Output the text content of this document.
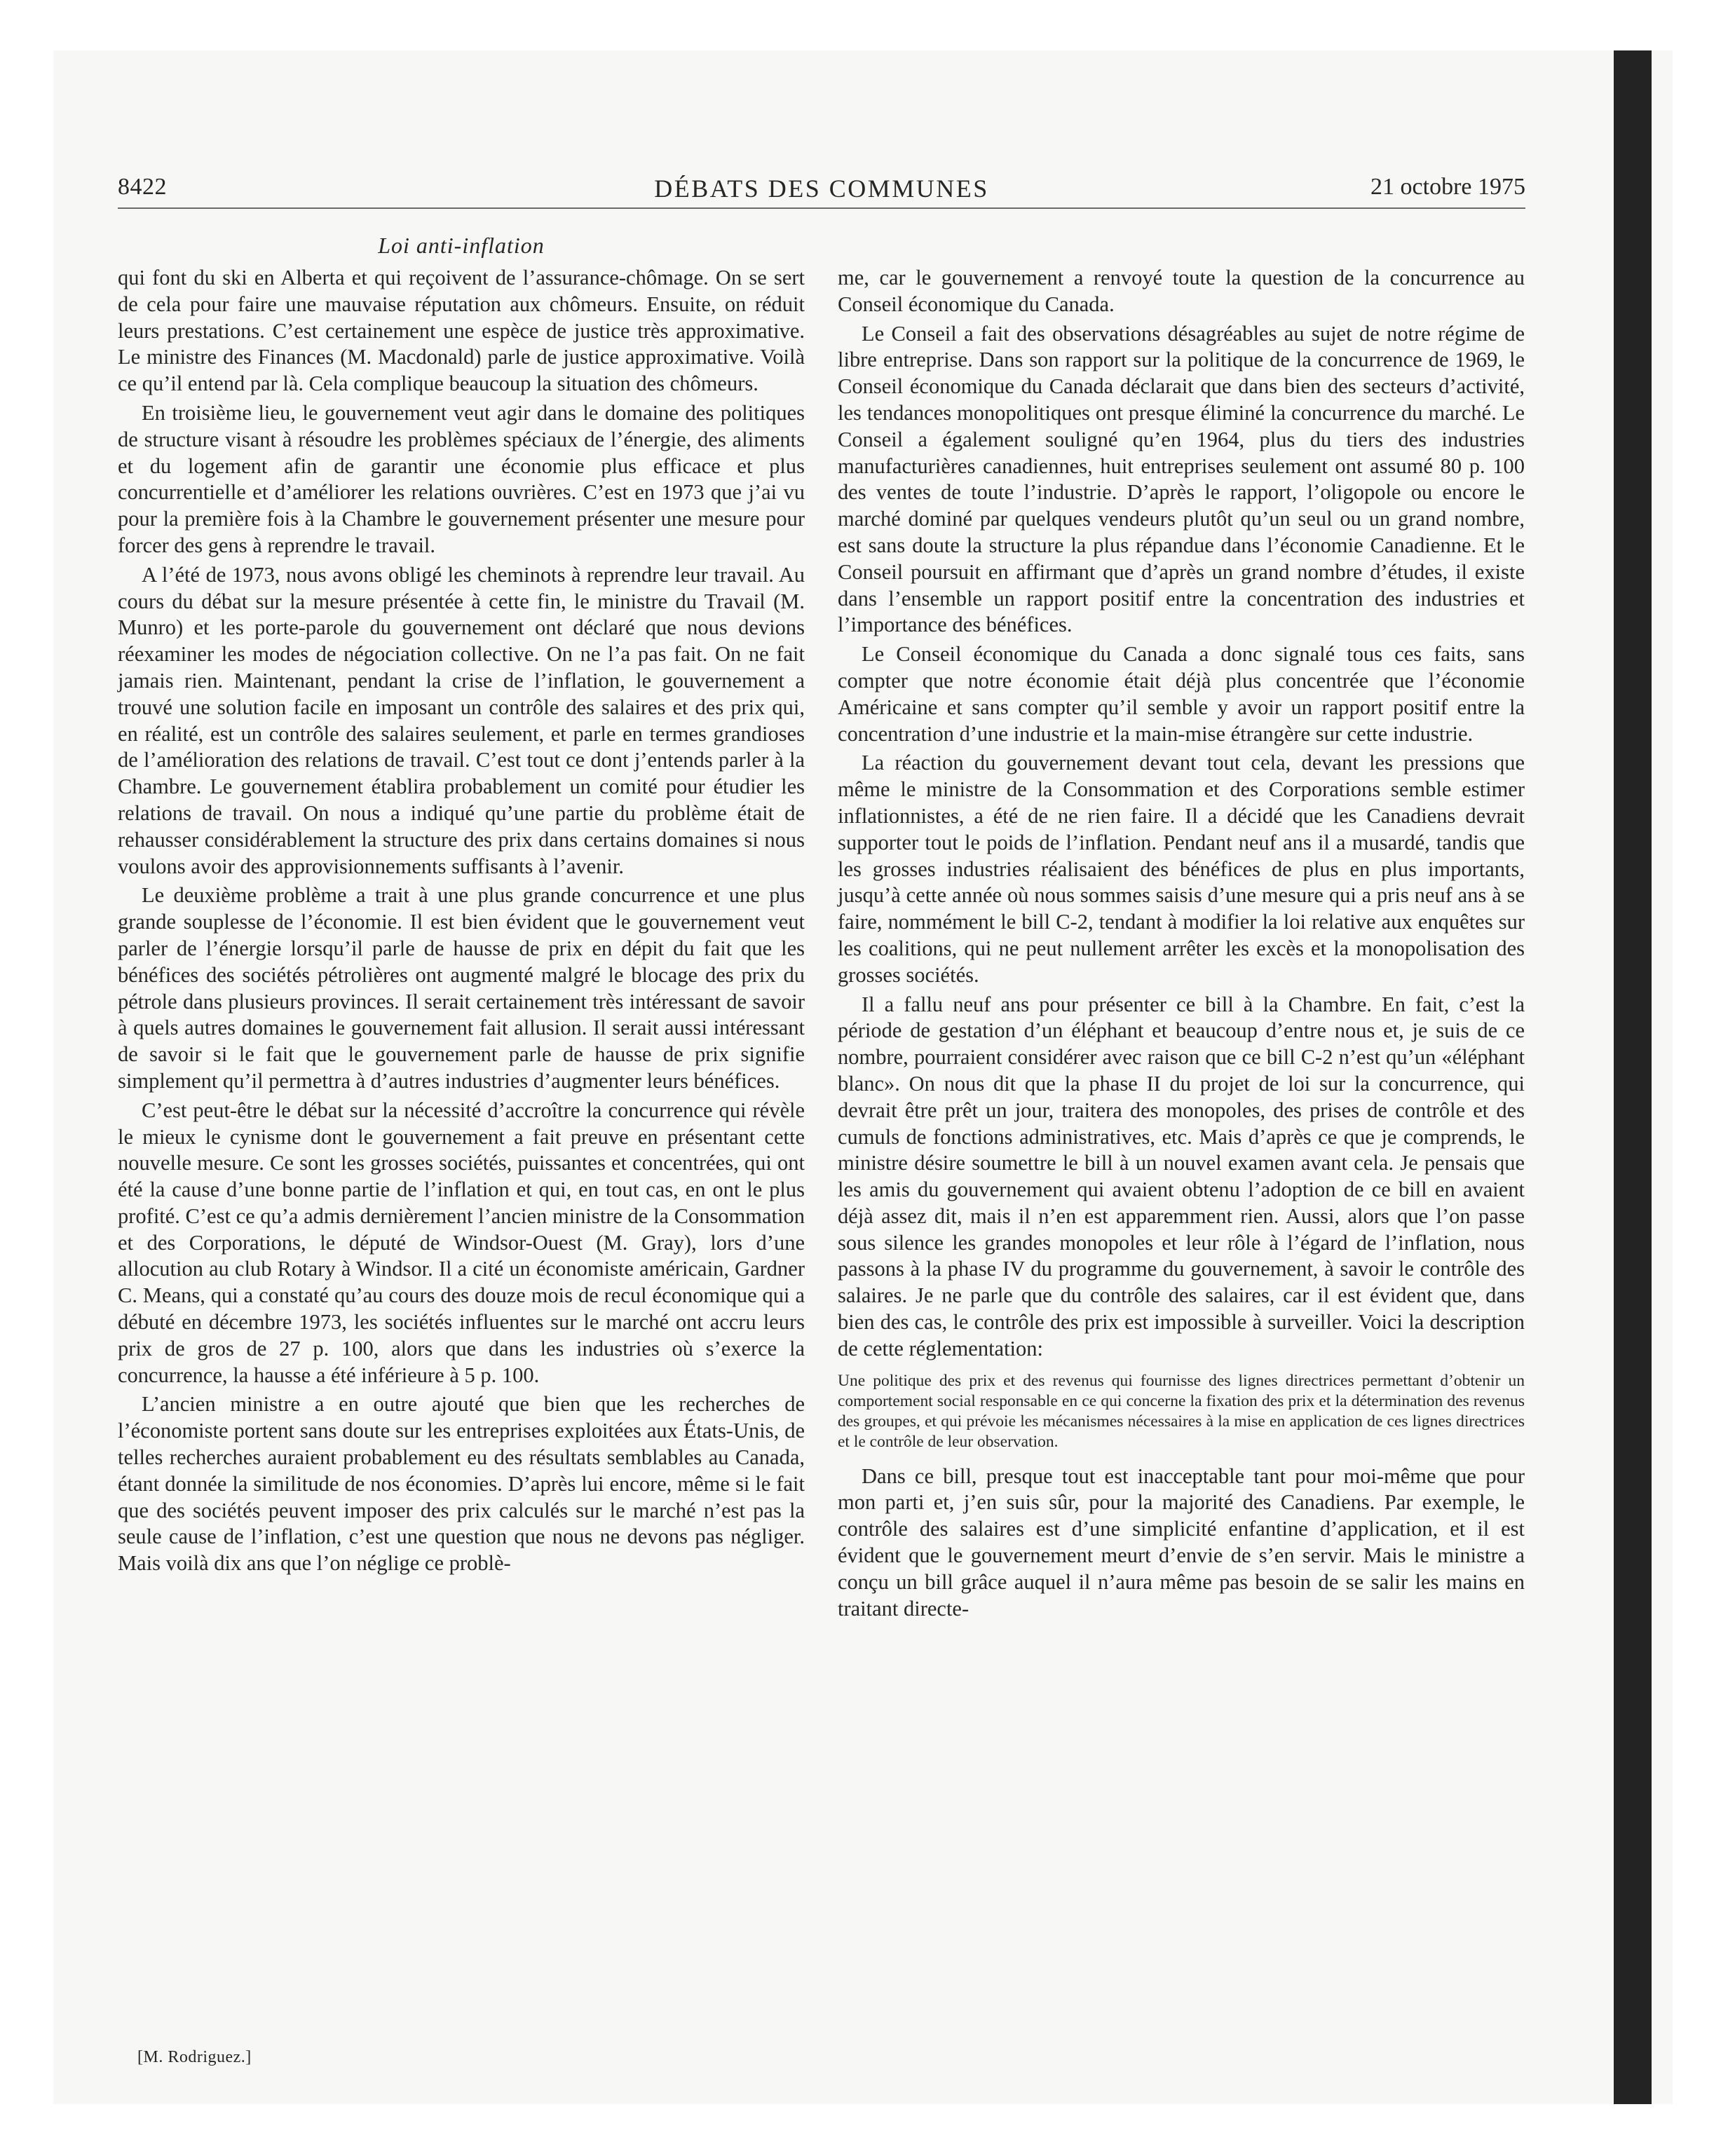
8422	DÉBATS DES COMMUNES	21 octobre 1975
Loi anti-inflation

qui font du ski en Alberta et qui reçoivent de l’assurance-chômage. On se sert de cela pour faire une mauvaise réputation aux chômeurs. Ensuite, on réduit leurs prestations. C’est certainement une espèce de justice très approximative. Le ministre des Finances (M. Macdonald) parle de justice approximative. Voilà ce qu’il entend par là. Cela complique beaucoup la situation des chômeurs.

En troisième lieu, le gouvernement veut agir dans le domaine des politiques de structure visant à résoudre les problèmes spéciaux de l’énergie, des aliments et du logement afin de garantir une économie plus efficace et plus concurrentielle et d’améliorer les relations ouvrières. C’est en 1973 que j’ai vu pour la première fois à la Chambre le gouvernement présenter une mesure pour forcer des gens à reprendre le travail.

A l’été de 1973, nous avons obligé les cheminots à reprendre leur travail. Au cours du débat sur la mesure présentée à cette fin, le ministre du Travail (M. Munro) et les porte-parole du gouvernement ont déclaré que nous devions réexaminer les modes de négociation collective. On ne l’a pas fait. On ne fait jamais rien. Maintenant, pendant la crise de l’inflation, le gouvernement a trouvé une solution facile en imposant un contrôle des salaires et des prix qui, en réalité, est un contrôle des salaires seulement, et parle en termes grandioses de l’amélioration des relations de travail. C’est tout ce dont j’entends parler à la Chambre. Le gouvernement établira probablement un comité pour étudier les relations de travail. On nous a indiqué qu’une partie du problème était de rehausser considérablement la structure des prix dans certains domaines si nous voulons avoir des approvisionnements suffisants à l’avenir.

Le deuxième problème a trait à une plus grande concurrence et une plus grande souplesse de l’économie. Il est bien évident que le gouvernement veut parler de l’énergie lorsqu’il parle de hausse de prix en dépit du fait que les bénéfices des sociétés pétrolières ont augmenté malgré le blocage des prix du pétrole dans plusieurs provinces. Il serait certainement très intéressant de savoir à quels autres domaines le gouvernement fait allusion. Il serait aussi intéressant de savoir si le fait que le gouvernement parle de hausse de prix signifie simplement qu’il permettra à d’autres industries d’augmenter leurs bénéfices.

C’est peut-être le débat sur la nécessité d’accroître la concurrence qui révèle le mieux le cynisme dont le gouvernement a fait preuve en présentant cette nouvelle mesure. Ce sont les grosses sociétés, puissantes et concentrées, qui ont été la cause d’une bonne partie de l’inflation et qui, en tout cas, en ont le plus profité. C’est ce qu’a admis dernièrement l’ancien ministre de la Consommation et des Corporations, le député de Windsor-Ouest (M. Gray), lors d’une allocution au club Rotary à Windsor. Il a cité un économiste américain, Gardner C. Means, qui a constaté qu’au cours des douze mois de recul économique qui a débuté en décembre 1973, les sociétés influentes sur le marché ont accru leurs prix de gros de 27 p. 100, alors que dans les industries où s’exerce la concurrence, la hausse a été inférieure à 5 p. 100.

L’ancien ministre a en outre ajouté que bien que les recherches de l’économiste portent sans doute sur les entreprises exploitées aux États-Unis, de telles recherches auraient probablement eu des résultats semblables au Canada, étant donnée la similitude de nos économies. D’après lui encore, même si le fait que des sociétés peuvent imposer des prix calculés sur le marché n’est pas la seule cause de l’inflation, c’est une question que nous ne devons pas négliger. Mais voilà dix ans que l’on néglige ce problè-

me, car le gouvernement a renvoyé toute la question de la concurrence au Conseil économique du Canada.

Le Conseil a fait des observations désagréables au sujet de notre régime de libre entreprise. Dans son rapport sur la politique de la concurrence de 1969, le Conseil économique du Canada déclarait que dans bien des secteurs d’activité, les tendances monopolitiques ont presque éliminé la concurrence du marché. Le Conseil a également souligné qu’en 1964, plus du tiers des industries manufacturières canadiennes, huit entreprises seulement ont assumé 80 p. 100 des ventes de toute l’industrie. D’après le rapport, l’oligopole ou encore le marché dominé par quelques vendeurs plutôt qu’un seul ou un grand nombre, est sans doute la structure la plus répandue dans l’économie Canadienne. Et le Conseil poursuit en affirmant que d’après un grand nombre d’études, il existe dans l’ensemble un rapport positif entre la concentration des industries et l’importance des bénéfices.

Le Conseil économique du Canada a donc signalé tous ces faits, sans compter que notre économie était déjà plus concentrée que l’économie Américaine et sans compter qu’il semble y avoir un rapport positif entre la concentration d’une industrie et la main-mise étrangère sur cette industrie.

La réaction du gouvernement devant tout cela, devant les pressions que même le ministre de la Consommation et des Corporations semble estimer inflationnistes, a été de ne rien faire. Il a décidé que les Canadiens devrait supporter tout le poids de l’inflation. Pendant neuf ans il a musardé, tandis que les grosses industries réalisaient des bénéfices de plus en plus importants, jusqu’à cette année où nous sommes saisis d’une mesure qui a pris neuf ans à se faire, nommément le bill C-2, tendant à modifier la loi relative aux enquêtes sur les coalitions, qui ne peut nullement arrêter les excès et la monopolisation des grosses sociétés.

Il a fallu neuf ans pour présenter ce bill à la Chambre. En fait, c’est la période de gestation d’un éléphant et beaucoup d’entre nous et, je suis de ce nombre, pourraient considérer avec raison que ce bill C-2 n’est qu’un «éléphant blanc». On nous dit que la phase II du projet de loi sur la concurrence, qui devrait être prêt un jour, traitera des monopoles, des prises de contrôle et des cumuls de fonctions administratives, etc. Mais d’après ce que je comprends, le ministre désire soumettre le bill à un nouvel examen avant cela. Je pensais que les amis du gouvernement qui avaient obtenu l’adoption de ce bill en avaient déjà assez dit, mais il n’en est apparemment rien. Aussi, alors que l’on passe sous silence les grandes monopoles et leur rôle à l’égard de l’inflation, nous passons à la phase IV du programme du gouvernement, à savoir le contrôle des salaires. Je ne parle que du contrôle des salaires, car il est évident que, dans bien des cas, le contrôle des prix est impossible à surveiller. Voici la description de cette réglementation:

Une politique des prix et des revenus qui fournisse des lignes directrices permettant d’obtenir un comportement social responsable en ce qui concerne la fixation des prix et la détermination des revenus des groupes, et qui prévoie les mécanismes nécessaires à la mise en application de ces lignes directrices et le contrôle de leur observation.

Dans ce bill, presque tout est inacceptable tant pour moi-même que pour mon parti et, j’en suis sûr, pour la majorité des Canadiens. Par exemple, le contrôle des salaires est d’une simplicité enfantine d’application, et il est évident que le gouvernement meurt d’envie de s’en servir. Mais le ministre a conçu un bill grâce auquel il n’aura même pas besoin de se salir les mains en traitant directe-

[M. Rodriguez.]
